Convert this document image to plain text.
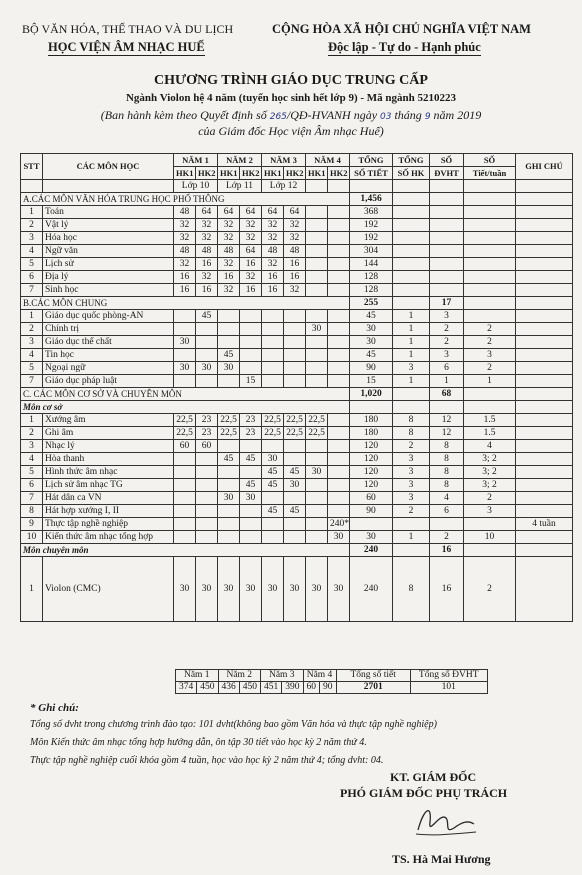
BỘ VĂN HÓA, THỂ THAO VÀ DU LỊCH
HỌC VIỆN ÂM NHẠC HUẾ
CỘNG HÒA XÃ HỘI CHỦ NGHĨA VIỆT NAM
Độc lập - Tự do - Hạnh phúc
CHƯƠNG TRÌNH GIÁO DỤC TRUNG CẤP
Ngành Violon hệ 4 năm (tuyển học sinh hết lớp 9) - Mã ngành 5210223
(Ban hành kèm theo Quyết định số 265/QĐ-HVANH ngày 03 tháng 9 năm 2019
của Giám đốc Học viện Âm nhạc Huế)
STT	CÁC MÔN HỌC	NĂM 1		NĂM 2		NĂM 3		NĂM 4		TỔNG	TỔNG	SỐ	SỐ	GHI CHÚ
		HK1	HK2	HK1	HK2	HK1	HK2	HK1	HK2	SỐ TIẾT	SỐ HK	ĐVHT	Tiết/tuần	
		Lớp 10		Lớp 11		Lớp 12								
A.CÁC MÔN VĂN HÓA TRUNG HỌC PHỔ THÔNG										1,456				
1	Toán	48	64	64	64	64	64			368				
2	Vật lý	32	32	32	32	32	32			192				
3	Hóa học	32	32	32	32	32	32			192				
4	Ngữ văn	48	48	48	64	48	48			304				
5	Lịch sử	32	16	32	16	32	16			144				
6	Địa lý	16	32	16	32	16	16			128				
7	Sinh học	16	16	32	16	16	32			128				
B.CÁC MÔN CHUNG										255		17		
1	Giáo dục quốc phòng-AN		45							45	1	3		
2	Chính trị							30		30	1	2	2	
3	Giáo dục thể chất	30								30	1	2	2	
4	Tin học			45						45	1	3	3	
5	Ngoại ngữ	30	30	30						90	3	6	2	
7	Giáo dục pháp luật				15					15	1	1	1	
C. CÁC MÔN CƠ SỞ VÀ CHUYÊN MÔN										1,020		68		
Môn cơ sở														
1	Xướng âm	22,5	23	22,5	23	22,5	22,5	22,5		180	8	12	1.5	
2	Ghi âm	22,5	23	22,5	23	22,5	22,5	22,5		180	8	12	1.5	
3	Nhạc lý	60	60							120	2	8	4	
4	Hòa thanh			45	45	30				120	3	8	3; 2	
5	Hình thức âm nhạc					45	45	30		120	3	8	3; 2	
6	Lịch sử âm nhạc TG				45	45	30			120	3	8	3; 2	
7	Hát dân ca VN			30	30					60	3	4	2	
8	Hát hợp xướng I, II					45	45			90	2	6	3	
9	Thực tập nghề nghiệp								240*					4 tuần
10	Kiến thức âm nhạc tổng hợp								30	30	1	2	10	
Môn chuyên môn										240		16		
1	Violon (CMC)	30	30	30	30	30	30	30	30	240	8	16	2	
Năm 1		Năm 2		Năm 3		Năm 4		Tổng số tiết	Tổng số ĐVHT
374	450	436	450	451	390	60	90	2701	101
* Ghi chú:
Tổng số dvht trong chương trình đào tạo: 101 dvht(không bao gồm Văn hóa và thực tập nghề nghiệp)
Môn Kiến thức âm nhạc tổng hợp hướng dẫn, ôn tập 30 tiết vào học kỳ 2 năm thứ 4.
Thực tập nghề nghiệp cuối khóa gồm 4 tuần, học vào học kỳ 2 năm thứ 4; tổng dvht: 04.
KT. GIÁM ĐỐC
PHÓ GIÁM ĐỐC PHỤ TRÁCH
TS. Hà Mai Hương
